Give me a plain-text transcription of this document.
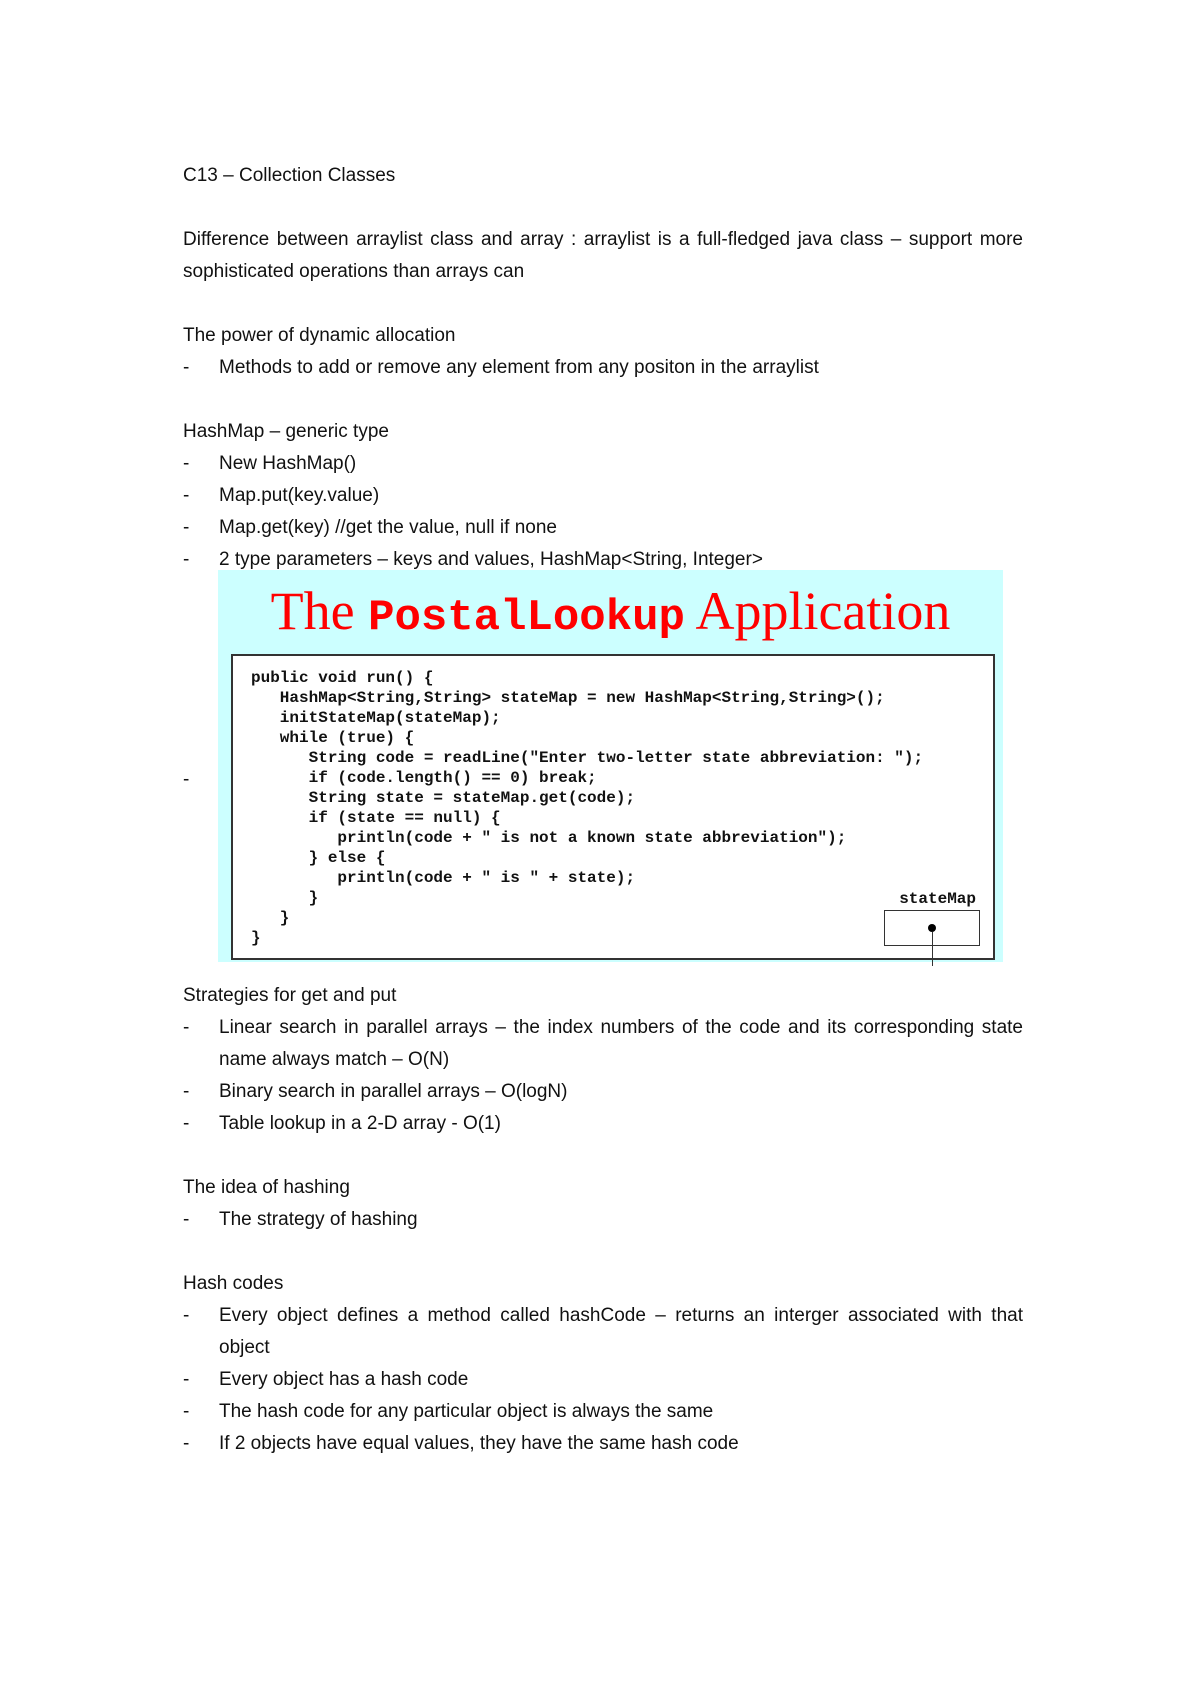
C13 – Collection Classes
Difference between arraylist class and array : arraylist is a full-fledged java class – support more sophisticated operations than arrays can
The power of dynamic allocation
-	Methods to add or remove any element from any positon in the arraylist
HashMap – generic type
-	New HashMap()
-	Map.put(key.value)
-	Map.get(key) //get the value, null if none
-	2 type parameters – keys and values, HashMap<String, Integer>
-
The PostalLookup Application
public void run() {
HashMap<String,String> stateMap = new HashMap<String,String>();
initStateMap(stateMap);
while (true) {
String code = readLine("Enter two-letter state abbreviation: ");
if (code.length() == 0) break;
String state = stateMap.get(code);
if (state == null) {
println(code + " is not a known state abbreviation");
} else {
println(code + " is " + state);
}
}
}
stateMap
Strategies for get and put
-	Linear search in parallel arrays – the index numbers of the code and its corresponding state name always match – O(N)
-	Binary search in parallel arrays – O(logN)
-	Table lookup in a 2-D array - O(1)
The idea of hashing
-	The strategy of hashing
Hash codes
-	Every object defines a method called hashCode – returns an interger associated with that object
-	Every object has a hash code
-	The hash code for any particular object is always the same
-	If 2 objects have equal values, they have the same hash code
